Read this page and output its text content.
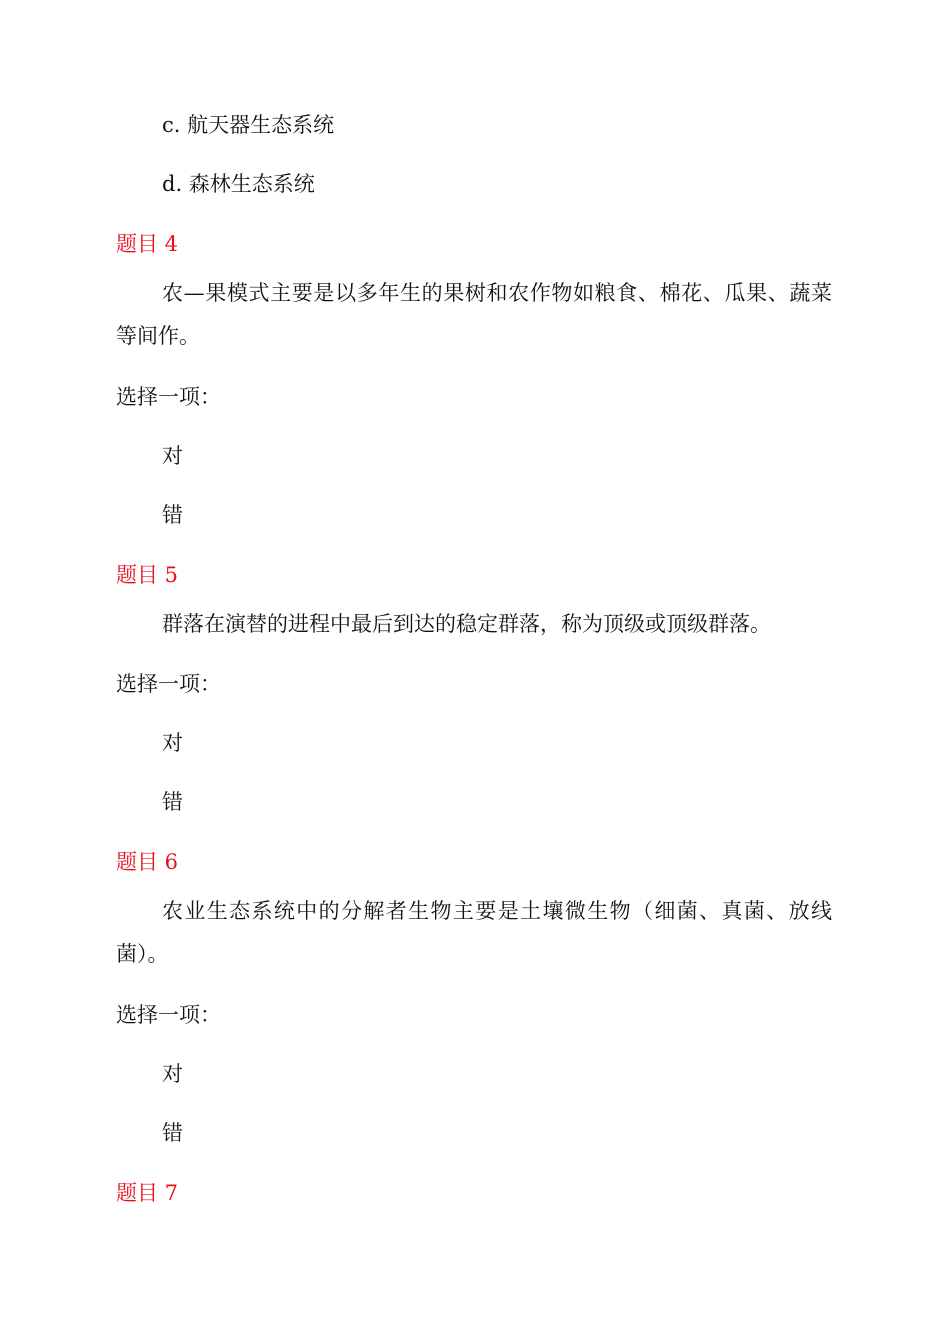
c. 航天器生态系统

d. 森林生态系统

题目 4

农—果模式主要是以多年生的果树和农作物如粮食、棉花、瓜果、蔬菜等间作。

选择一项：

对

错

题目 5

群落在演替的进程中最后到达的稳定群落，称为顶级或顶级群落。

选择一项：

对

错

题目 6

农业生态系统中的分解者生物主要是土壤微生物（细菌、真菌、放线菌）。

选择一项：

对

错

题目 7
